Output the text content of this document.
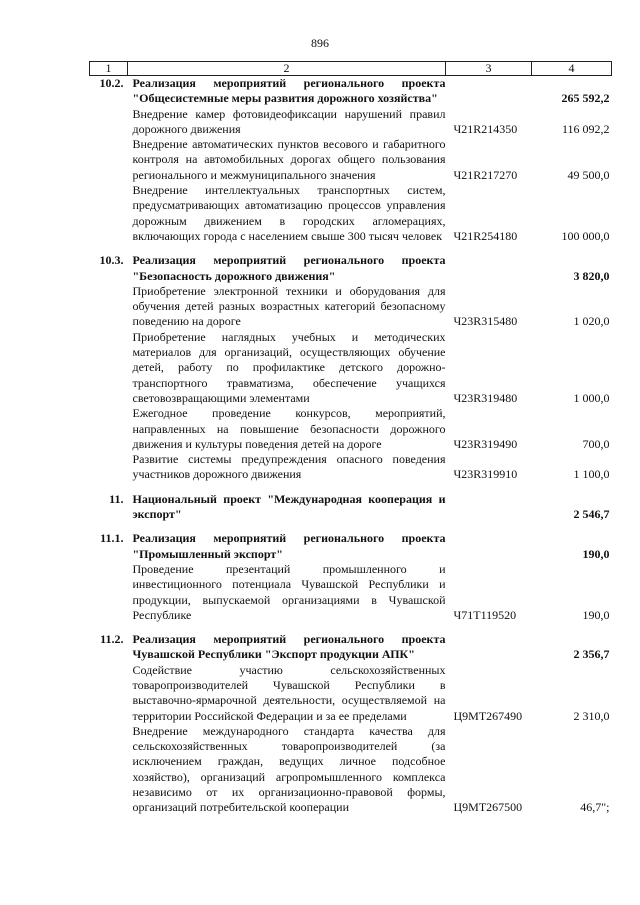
896
1	2	3	4
10.2.	Реализация мероприятий регионального проекта "Общесистемные меры развития дорожного хозяйства"		265 592,2
	Внедрение камер фотовидеофиксации нарушений правил дорожного движения	Ч21R214350	116 092,2
	Внедрение автоматических пунктов весового и габаритного контроля на автомобильных дорогах общего пользования регионального и межмуниципального значения	Ч21R217270	49 500,0
	Внедрение интеллектуальных транспортных систем, предусматривающих автоматизацию процессов управления дорожным движением в городских агломерациях, включающих города с населением свыше 300 тысяч человек	Ч21R254180	100 000,0

10.3.	Реализация мероприятий регионального проекта "Безопасность дорожного движения"		3 820,0
	Приобретение электронной техники и оборудования для обучения детей разных возрастных категорий безопасному поведению на дороге	Ч23R315480	1 020,0
	Приобретение наглядных учебных и методических материалов для организаций, осуществляющих обучение детей, работу по профилактике детского дорожно-транспортного травматизма, обеспечение учащихся световозвращающими элементами	Ч23R319480	1 000,0
	Ежегодное проведение конкурсов, мероприятий, направленных на повышение безопасности дорожного движения и культуры поведения детей на дороге	Ч23R319490	700,0
	Развитие системы предупреждения опасного поведения участников дорожного движения	Ч23R319910	1 100,0

11.	Национальный проект "Международная кооперация и экспорт"		2 546,7

11.1.	Реализация мероприятий регионального проекта "Промышленный экспорт"		190,0
	Проведение презентаций промышленного и инвестиционного потенциала Чувашской Республики и продукции, выпускаемой организациями в Чувашской Республике	Ч71Т119520	190,0

11.2.	Реализация мероприятий регионального проекта Чувашской Республики "Экспорт продукции АПК"		2 356,7
	Содействие участию сельскохозяйственных товаропроизводителей Чувашской Республики в выставочно-ярмарочной деятельности, осуществляемой на территории Российской Федерации и за ее пределами	Ц9МТ267490	2 310,0
	Внедрение международного стандарта качества для сельскохозяйственных товаропроизводителей (за исключением граждан, ведущих личное подсобное хозяйство), организаций агропромышленного комплекса независимо от их организационно-правовой формы, организаций потребительской кооперации	Ц9МТ267500	46,7";
